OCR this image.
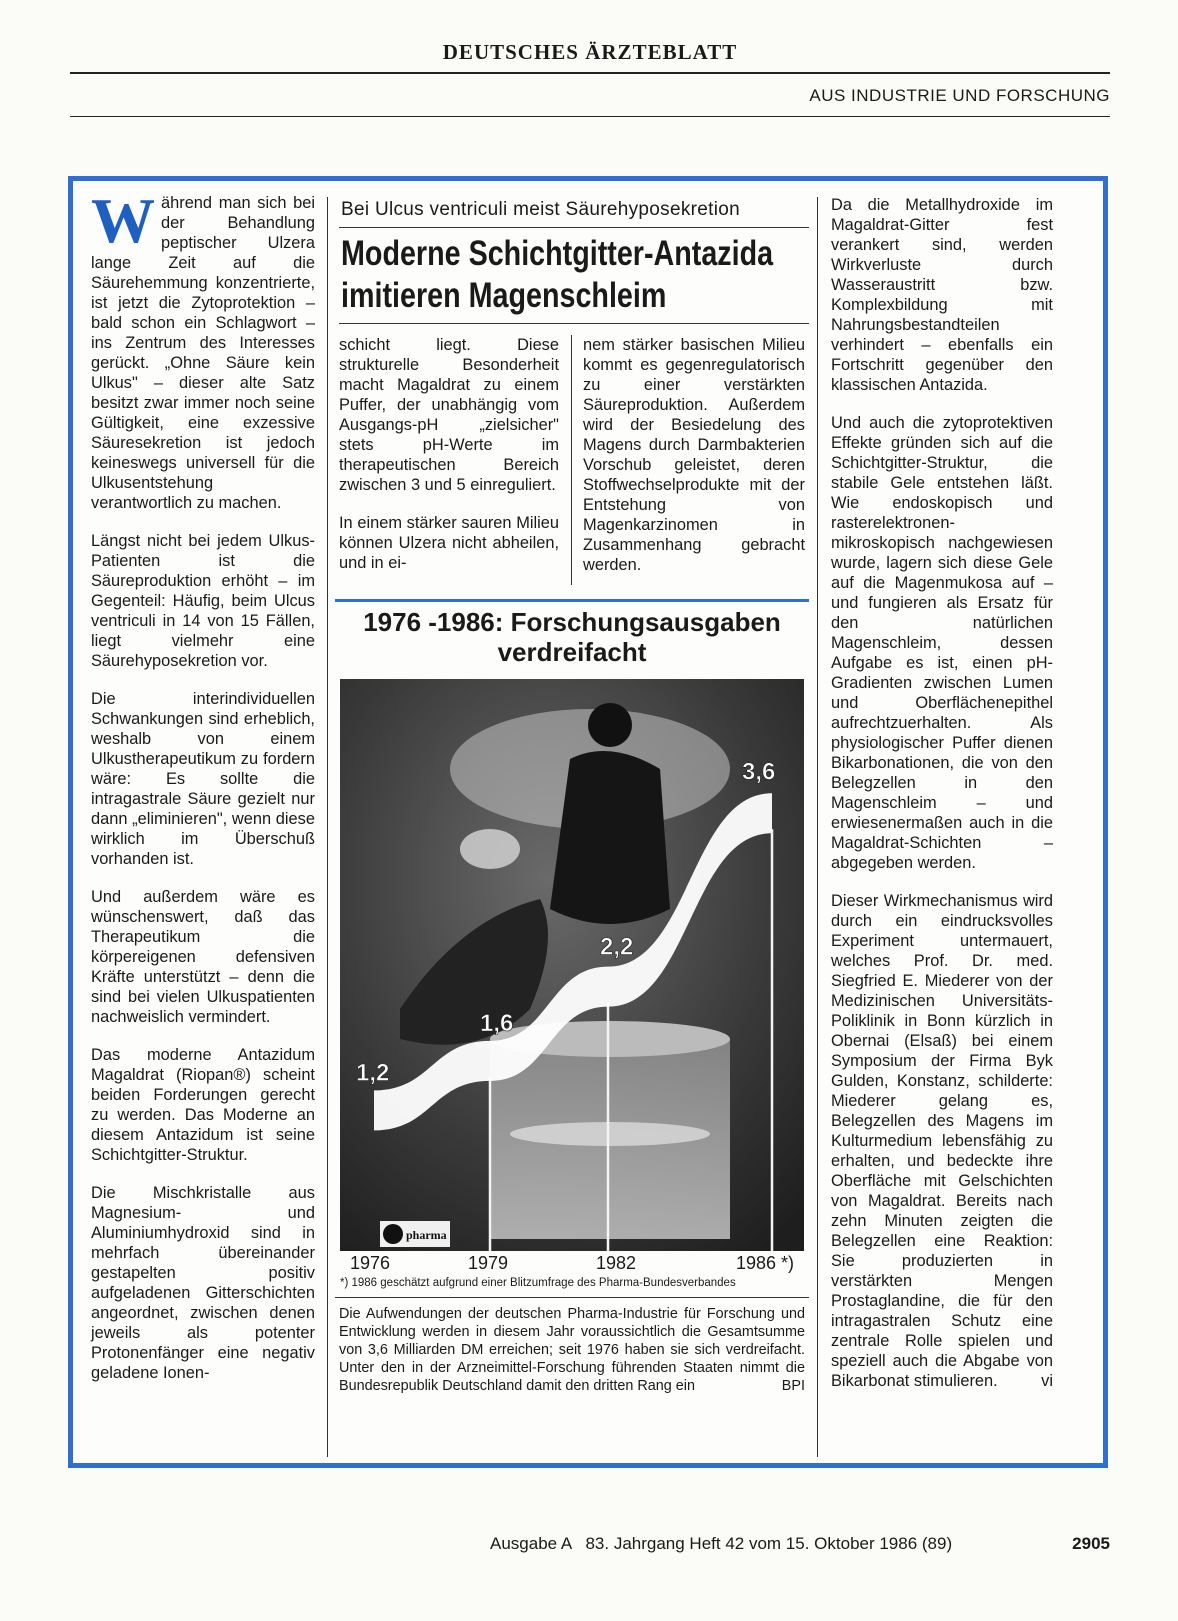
DEUTSCHES ÄRZTEBLATT
AUS INDUSTRIE UND FORSCHUNG

Während man sich bei der Behandlung peptischer Ulzera lange Zeit auf die Säurehemmung konzentrierte, ist jetzt die Zytoprotektion – bald schon ein Schlagwort – ins Zentrum des Interesses gerückt. „Ohne Säure kein Ulkus" – dieser alte Satz besitzt zwar immer noch seine Gültigkeit, eine exzessive Säuresekretion ist jedoch keineswegs universell für die Ulkusentstehung verantwortlich zu machen.

Längst nicht bei jedem Ulkus-Patienten ist die Säureproduktion erhöht – im Gegenteil: Häufig, beim Ulcus ventriculi in 14 von 15 Fällen, liegt vielmehr eine Säurehyposekretion vor.

Die interindividuellen Schwankungen sind erheblich, weshalb von einem Ulkustherapeutikum zu fordern wäre: Es sollte die intragastrale Säure gezielt nur dann „eliminieren", wenn diese wirklich im Überschuß vorhanden ist.

Und außerdem wäre es wünschenswert, daß das Therapeutikum die körpereigenen defensiven Kräfte unterstützt – denn die sind bei vielen Ulkuspatienten nachweislich vermindert.

Das moderne Antazidum Magaldrat (Riopan®) scheint beiden Forderungen gerecht zu werden. Das Moderne an diesem Antazidum ist seine Schichtgitter-Struktur.

Die Mischkristalle aus Magnesium- und Aluminiumhydroxid sind in mehrfach übereinander gestapelten positiv aufgeladenen Gitterschichten angeordnet, zwischen denen jeweils als potenter Protonenfänger eine negativ geladene Ionen-

Bei Ulcus ventriculi meist Säurehyposekretion
Moderne Schichtgitter-Antazida
imitieren Magenschleim

schicht liegt. Diese strukturelle Besonderheit macht Magaldrat zu einem Puffer, der unabhängig vom Ausgangs-pH „zielsicher" stets pH-Werte im therapeutischen Bereich zwischen 3 und 5 einreguliert.

In einem stärker sauren Milieu können Ulzera nicht abheilen, und in ei-

nem stärker basischen Milieu kommt es gegenregulatorisch zu einer verstärkten Säureproduktion. Außerdem wird der Besiedelung des Magens durch Darmbakterien Vorschub geleistet, deren Stoffwechselprodukte mit der Entstehung von Magenkarzinomen in Zusammenhang gebracht werden.

1976 -1986: Forschungsausgaben
verdreifacht
1,2
1,6
2,2
3,6
pharma
1976	1979	1982	1986 *)
*) 1986 geschätzt aufgrund einer Blitzumfrage des Pharma-Bundesverbandes
Die Aufwendungen der deutschen Pharma-Industrie für Forschung und Entwicklung werden in diesem Jahr voraussichtlich die Gesamtsumme von 3,6 Milliarden DM erreichen; seit 1976 haben sie sich verdreifacht. Unter den in der Arzneimittel-Forschung führenden Staaten nimmt die Bundesrepublik Deutschland damit den dritten Rang ein	BPI

Da die Metallhydroxide im Magaldrat-Gitter fest verankert sind, werden Wirkverluste durch Wasseraustritt bzw. Komplexbildung mit Nahrungsbestandteilen verhindert – ebenfalls ein Fortschritt gegenüber den klassischen Antazida.

Und auch die zytoprotektiven Effekte gründen sich auf die Schichtgitter-Struktur, die stabile Gele entstehen läßt. Wie endoskopisch und rasterelektronen-mikroskopisch nachgewiesen wurde, lagern sich diese Gele auf die Magenmukosa auf – und fungieren als Ersatz für den natürlichen Magenschleim, dessen Aufgabe es ist, einen pH-Gradienten zwischen Lumen und Oberflächenepithel aufrechtzuerhalten. Als physiologischer Puffer dienen Bikarbonationen, die von den Belegzellen in den Magenschleim – und erwiesenermaßen auch in die Magaldrat-Schichten – abgegeben werden.

Dieser Wirkmechanismus wird durch ein eindrucksvolles Experiment untermauert, welches Prof. Dr. med. Siegfried E. Miederer von der Medizinischen Universitäts-Poliklinik in Bonn kürzlich in Obernai (Elsaß) bei einem Symposium der Firma Byk Gulden, Konstanz, schilderte: Miederer gelang es, Belegzellen des Magens im Kulturmedium lebensfähig zu erhalten, und bedeckte ihre Oberfläche mit Gelschichten von Magaldrat. Bereits nach zehn Minuten zeigten die Belegzellen eine Reaktion: Sie produzierten in verstärkten Mengen Prostaglandine, die für den intragastralen Schutz eine zentrale Rolle spielen und speziell auch die Abgabe von Bikarbonat stimulieren.	vi

Ausgabe A   83. Jahrgang Heft 42 vom 15. Oktober 1986 (89)	2905
